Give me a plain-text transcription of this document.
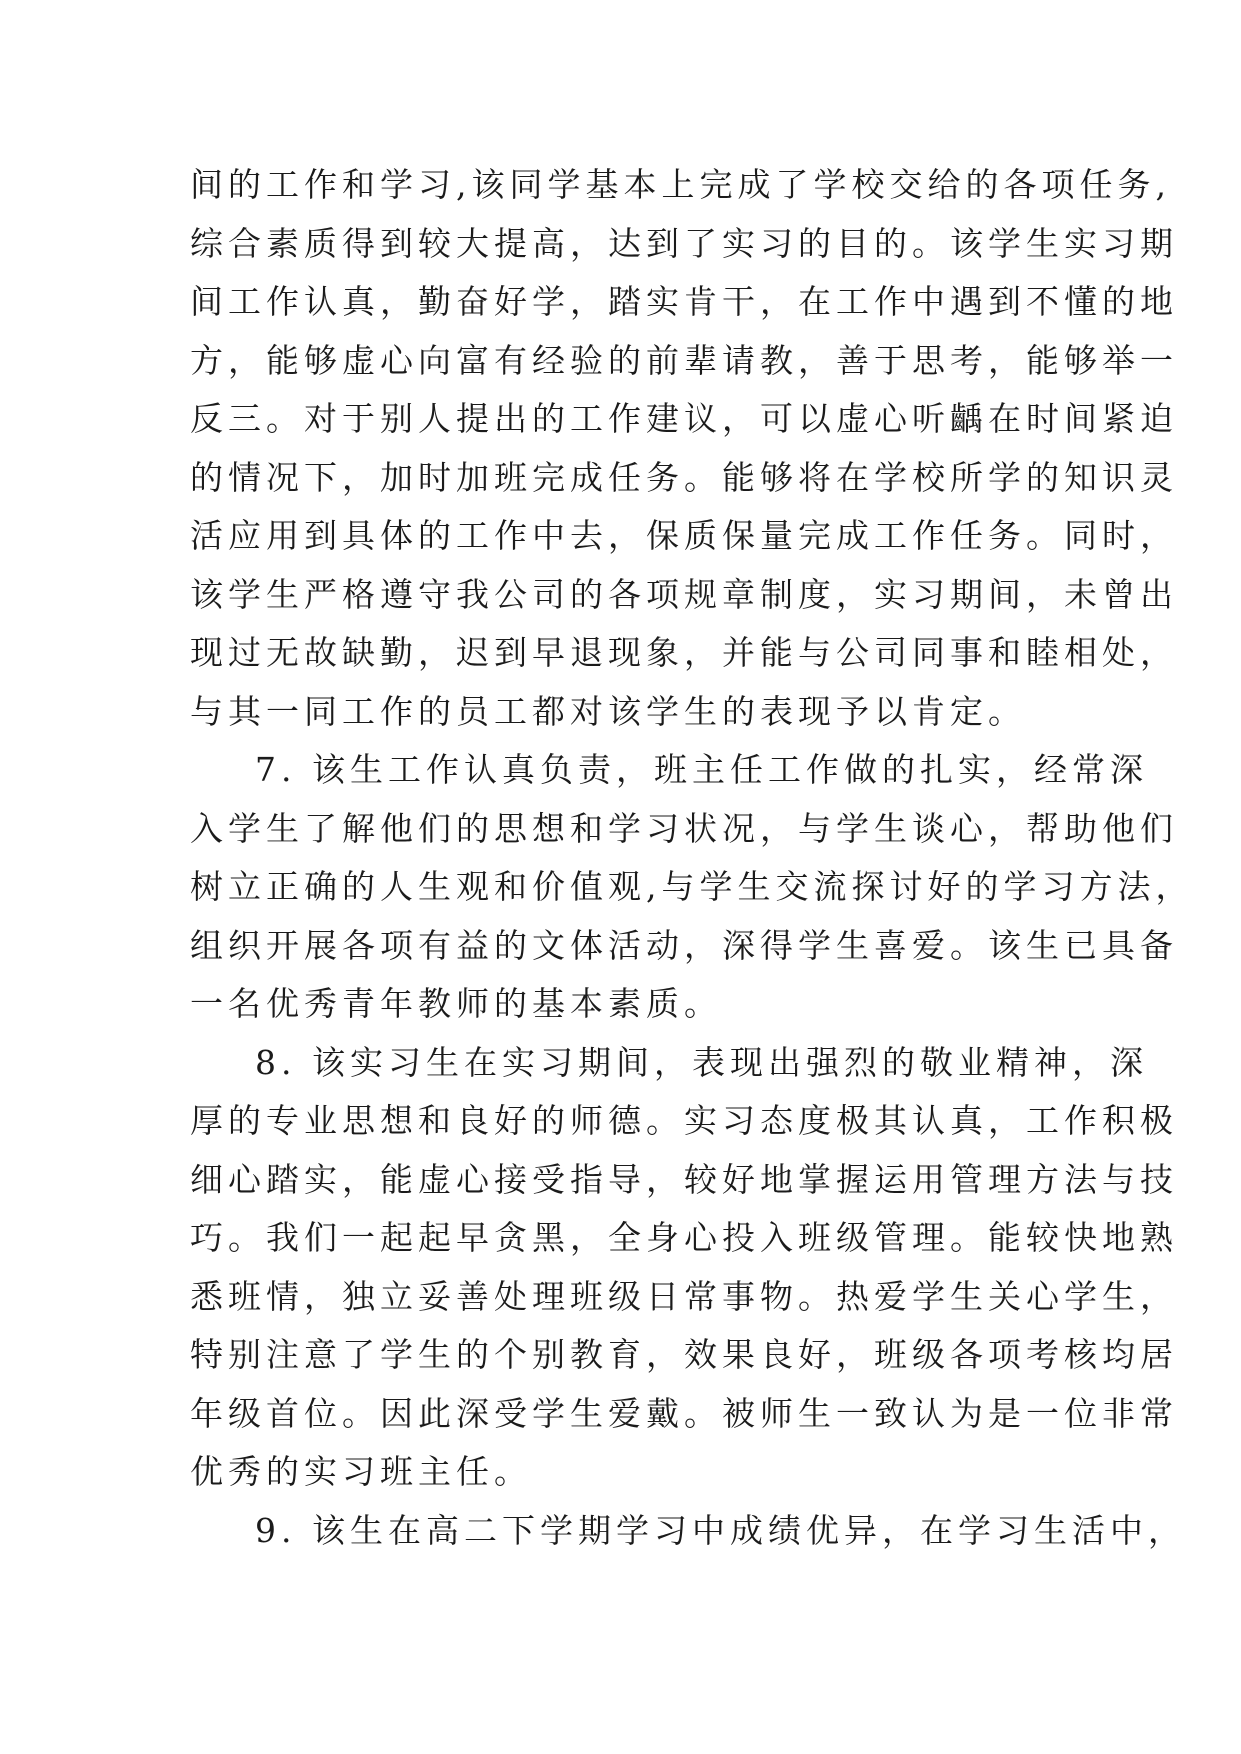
间的工作和学习,该同学基本上完成了学校交给的各项任务,

综合素质得到较大提高，达到了实习的目的。该学生实习期

间工作认真，勤奋好学，踏实肯干，在工作中遇到不懂的地

方，能够虚心向富有经验的前辈请教，善于思考，能够举一

反三。对于别人提出的工作建议，可以虚心听齲在时间紧迫

的情况下，加时加班完成任务。能够将在学校所学的知识灵

活应用到具体的工作中去，保质保量完成工作任务。同时，

该学生严格遵守我公司的各项规章制度，实习期间，未曾出

现过无故缺勤，迟到早退现象，并能与公司同事和睦相处，

与其一同工作的员工都对该学生的表现予以肯定。

7. 该生工作认真负责，班主任工作做的扎实，经常深

入学生了解他们的思想和学习状况，与学生谈心，帮助他们

树立正确的人生观和价值观,与学生交流探讨好的学习方法，

组织开展各项有益的文体活动，深得学生喜爱。该生已具备

一名优秀青年教师的基本素质。

8. 该实习生在实习期间，表现出强烈的敬业精神，深

厚的专业思想和良好的师德。实习态度极其认真，工作积极

细心踏实，能虚心接受指导，较好地掌握运用管理方法与技

巧。我们一起起早贪黑，全身心投入班级管理。能较快地熟

悉班情，独立妥善处理班级日常事物。热爱学生关心学生，

特别注意了学生的个别教育，效果良好，班级各项考核均居

年级首位。因此深受学生爱戴。被师生一致认为是一位非常

优秀的实习班主任。

9. 该生在高二下学期学习中成绩优异，在学习生活中，
